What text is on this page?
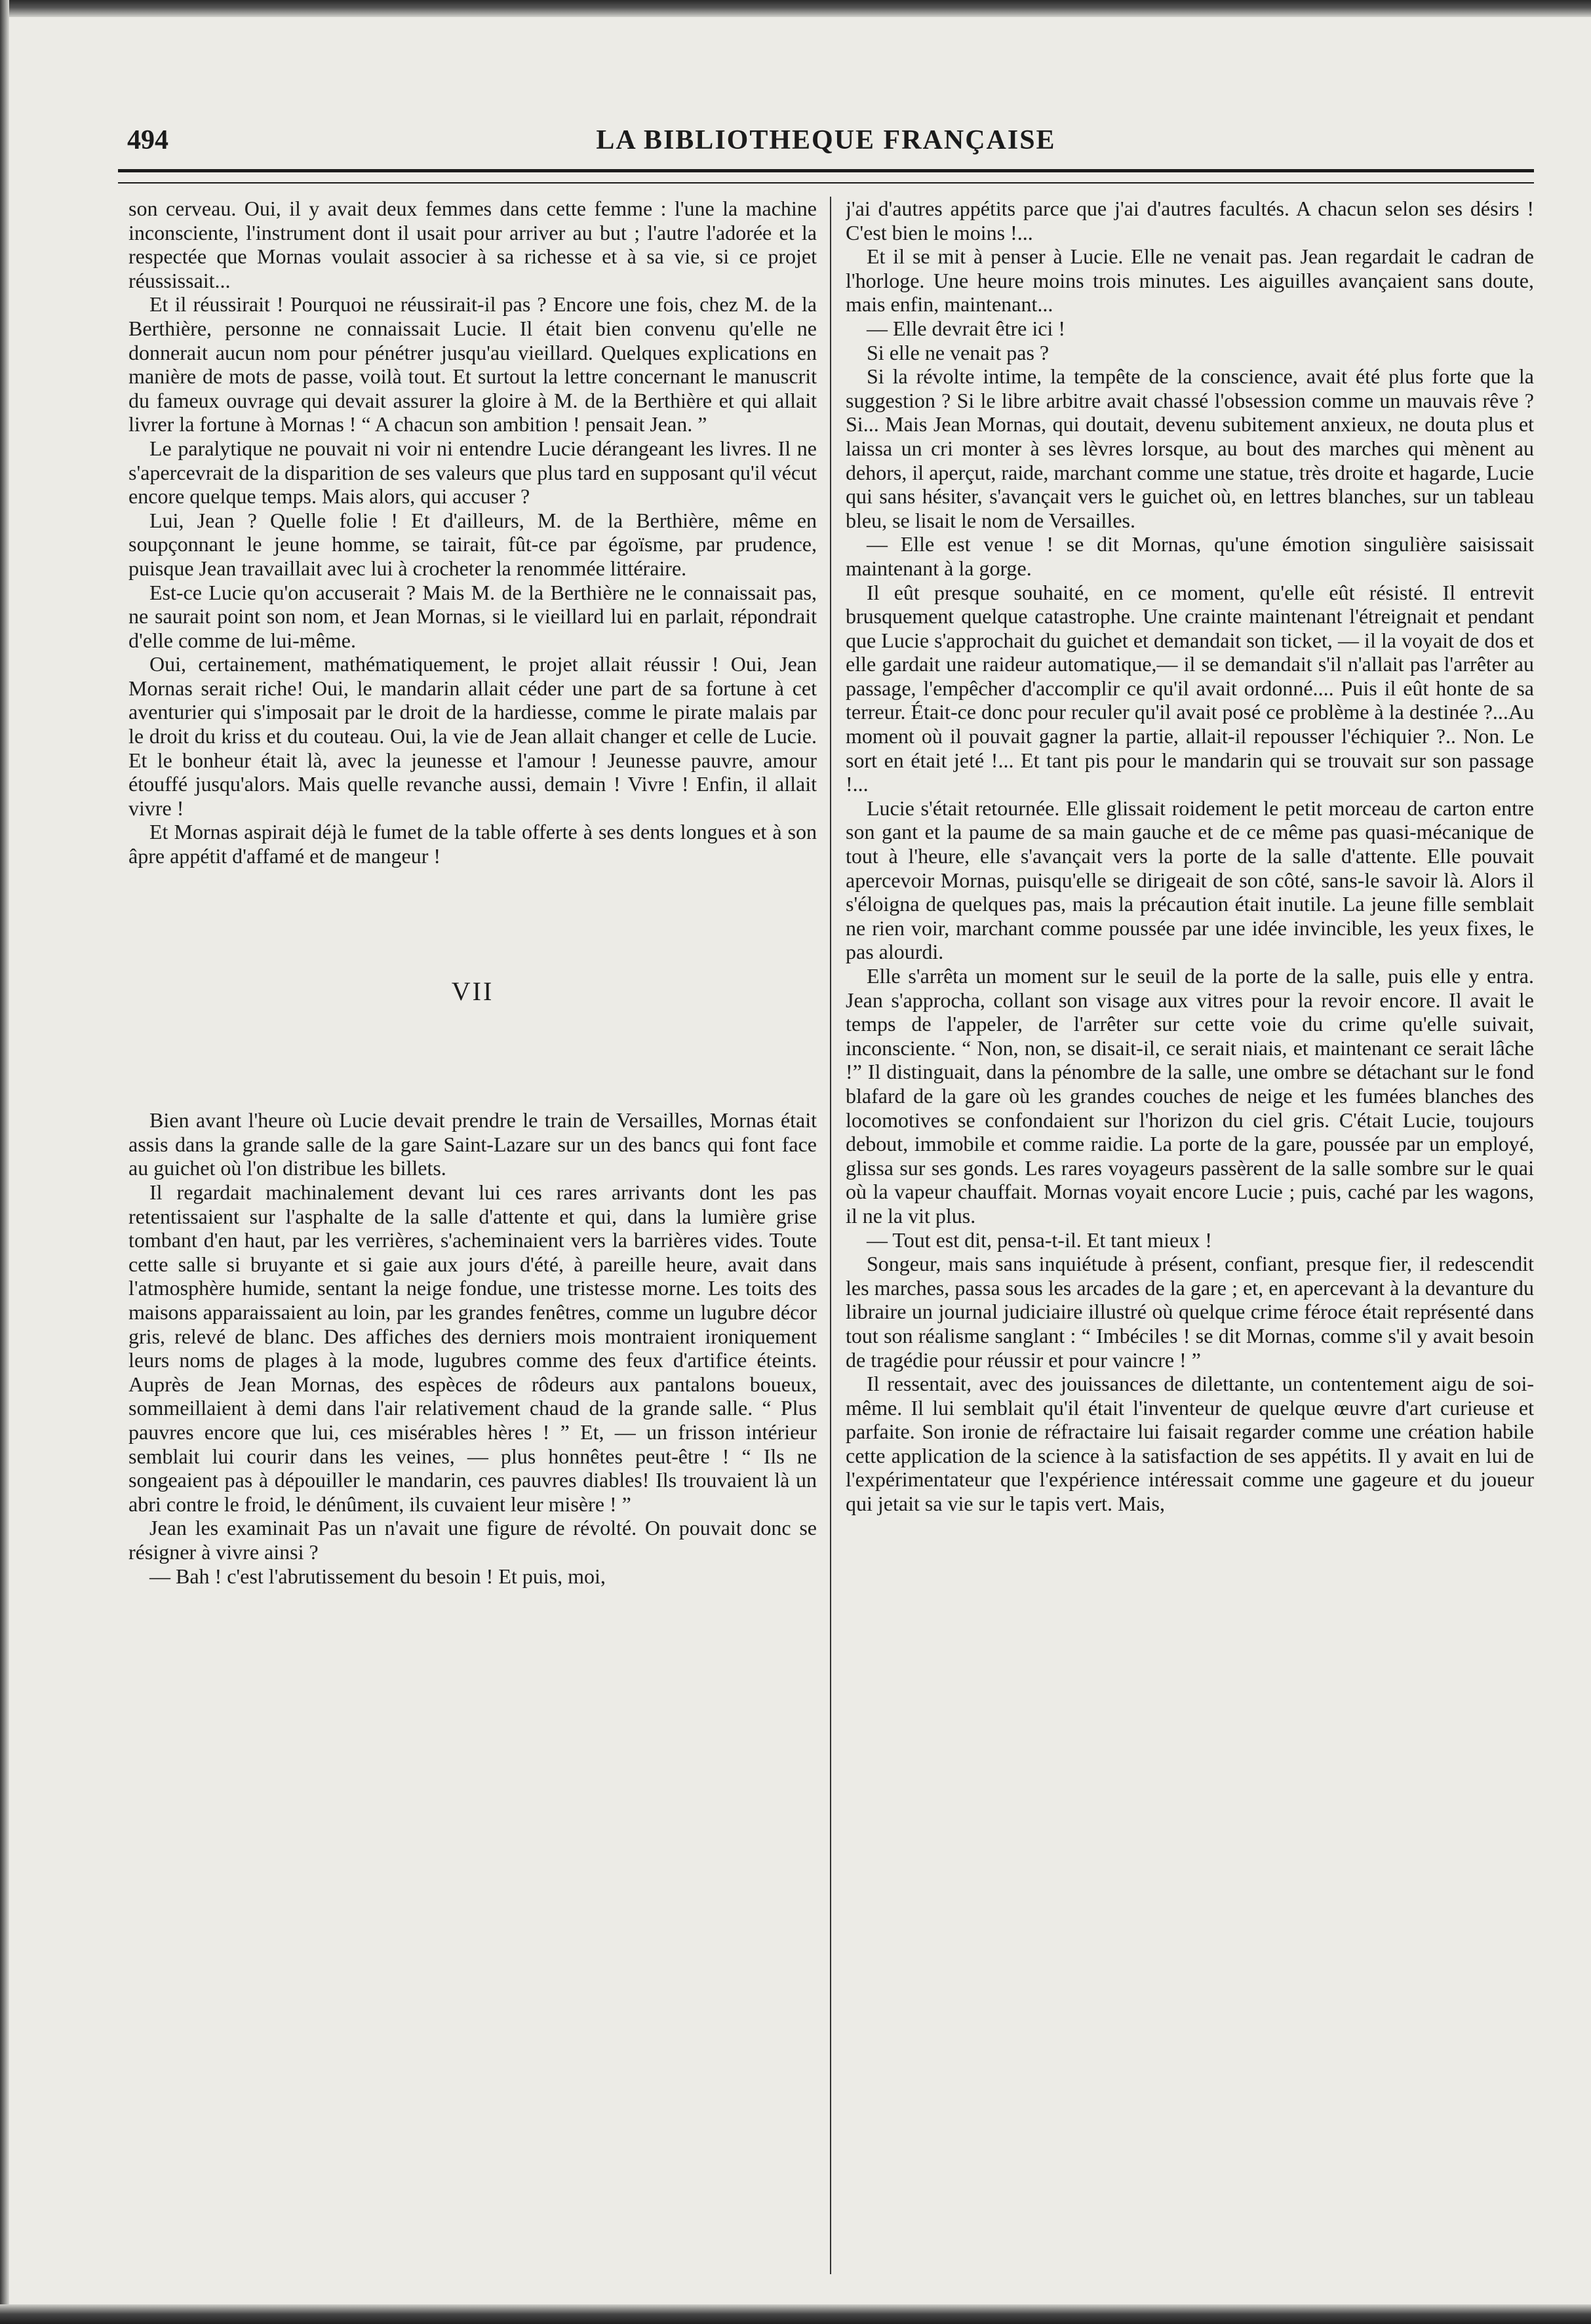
494	LA BIBLIOTHEQUE FRANÇAISE

son cerveau. Oui, il y avait deux femmes dans cette femme : l'une la machine inconsciente, l'instrument dont il usait pour arriver au but ; l'autre l'adorée et la respectée que Mornas voulait associer à sa richesse et à sa vie, si ce projet réussissait...

Et il réussirait ! Pourquoi ne réussirait-il pas ? Encore une fois, chez M. de la Berthière, personne ne connaissait Lucie. Il était bien convenu qu'elle ne donnerait aucun nom pour pénétrer jusqu'au vieillard. Quelques explications en manière de mots de passe, voilà tout. Et surtout la lettre concernant le manuscrit du fameux ouvrage qui devait assurer la gloire à M. de la Berthière et qui allait livrer la fortune à Mornas ! “ A chacun son ambition ! pensait Jean. ”

Le paralytique ne pouvait ni voir ni entendre Lucie dérangeant les livres. Il ne s'apercevrait de la disparition de ses valeurs que plus tard en supposant qu'il vécut encore quelque temps. Mais alors, qui accuser ?

Lui, Jean ? Quelle folie ! Et d'ailleurs, M. de la Berthière, même en soupçonnant le jeune homme, se tairait, fût-ce par égoïsme, par prudence, puisque Jean travaillait avec lui à crocheter la renommée littéraire.

Est-ce Lucie qu'on accuserait ? Mais M. de la Berthière ne le connaissait pas, ne saurait point son nom, et Jean Mornas, si le vieillard lui en parlait, répondrait d'elle comme de lui-même.

Oui, certainement, mathématiquement, le projet allait réussir ! Oui, Jean Mornas serait riche! Oui, le mandarin allait céder une part de sa fortune à cet aventurier qui s'imposait par le droit de la hardiesse, comme le pirate malais par le droit du kriss et du couteau. Oui, la vie de Jean allait changer et celle de Lucie. Et le bonheur était là, avec la jeunesse et l'amour ! Jeunesse pauvre, amour étouffé jusqu'alors. Mais quelle revanche aussi, demain ! Vivre ! Enfin, il allait vivre !

Et Mornas aspirait déjà le fumet de la table offerte à ses dents longues et à son âpre appétit d'affamé et de mangeur !

VII

Bien avant l'heure où Lucie devait prendre le train de Versailles, Mornas était assis dans la grande salle de la gare Saint-Lazare sur un des bancs qui font face au guichet où l'on distribue les billets.

Il regardait machinalement devant lui ces rares arrivants dont les pas retentissaient sur l'asphalte de la salle d'attente et qui, dans la lumière grise tombant d'en haut, par les verrières, s'acheminaient vers la barrières vides. Toute cette salle si bruyante et si gaie aux jours d'été, à pareille heure, avait dans l'atmosphère humide, sentant la neige fondue, une tristesse morne. Les toits des maisons apparaissaient au loin, par les grandes fenêtres, comme un lugubre décor gris, relevé de blanc. Des affiches des derniers mois montraient ironiquement leurs noms de plages à la mode, lugubres comme des feux d'artifice éteints. Auprès de Jean Mornas, des espèces de rôdeurs aux pantalons boueux, sommeillaient à demi dans l'air relativement chaud de la grande salle. “ Plus pauvres encore que lui, ces misérables hères ! ” Et, — un frisson intérieur semblait lui courir dans les veines, — plus honnêtes peut-être ! “ Ils ne songeaient pas à dépouiller le mandarin, ces pauvres diables! Ils trouvaient là un abri contre le froid, le dénûment, ils cuvaient leur misère ! ”

Jean les examinait Pas un n'avait une figure de révolté. On pouvait donc se résigner à vivre ainsi ?

— Bah ! c'est l'abrutissement du besoin ! Et puis, moi,

j'ai d'autres appétits parce que j'ai d'autres facultés. A chacun selon ses désirs ! C'est bien le moins !...

Et il se mit à penser à Lucie. Elle ne venait pas. Jean regardait le cadran de l'horloge. Une heure moins trois minutes. Les aiguilles avançaient sans doute, mais enfin, maintenant...

— Elle devrait être ici !

Si elle ne venait pas ?

Si la révolte intime, la tempête de la conscience, avait été plus forte que la suggestion ? Si le libre arbitre avait chassé l'obsession comme un mauvais rêve ? Si... Mais Jean Mornas, qui doutait, devenu subitement anxieux, ne douta plus et laissa un cri monter à ses lèvres lorsque, au bout des marches qui mènent au dehors, il aperçut, raide, marchant comme une statue, très droite et hagarde, Lucie qui sans hésiter, s'avançait vers le guichet où, en lettres blanches, sur un tableau bleu, se lisait le nom de Versailles.

— Elle est venue ! se dit Mornas, qu'une émotion singulière saisissait maintenant à la gorge.

Il eût presque souhaité, en ce moment, qu'elle eût résisté. Il entrevit brusquement quelque catastrophe. Une crainte maintenant l'étreignait et pendant que Lucie s'approchait du guichet et demandait son ticket, — il la voyait de dos et elle gardait une raideur automatique,— il se demandait s'il n'allait pas l'arrêter au passage, l'empêcher d'accomplir ce qu'il avait ordonné.... Puis il eût honte de sa terreur. Était-ce donc pour reculer qu'il avait posé ce problème à la destinée ?...Au moment où il pouvait gagner la partie, allait-il repousser l'échiquier ?.. Non. Le sort en était jeté !... Et tant pis pour le mandarin qui se trouvait sur son passage !...

Lucie s'était retournée. Elle glissait roidement le petit morceau de carton entre son gant et la paume de sa main gauche et de ce même pas quasi-mécanique de tout à l'heure, elle s'avançait vers la porte de la salle d'attente. Elle pouvait apercevoir Mornas, puisqu'elle se dirigeait de son côté, sans-le savoir là. Alors il s'éloigna de quelques pas, mais la précaution était inutile. La jeune fille semblait ne rien voir, marchant comme poussée par une idée invincible, les yeux fixes, le pas alourdi.

Elle s'arrêta un moment sur le seuil de la porte de la salle, puis elle y entra. Jean s'approcha, collant son visage aux vitres pour la revoir encore. Il avait le temps de l'appeler, de l'arrêter sur cette voie du crime qu'elle suivait, inconsciente. “ Non, non, se disait-il, ce serait niais, et maintenant ce serait lâche !” Il distinguait, dans la pénombre de la salle, une ombre se détachant sur le fond blafard de la gare où les grandes couches de neige et les fumées blanches des locomotives se confondaient sur l'horizon du ciel gris. C'était Lucie, toujours debout, immobile et comme raidie. La porte de la gare, poussée par un employé, glissa sur ses gonds. Les rares voyageurs passèrent de la salle sombre sur le quai où la vapeur chauffait. Mornas voyait encore Lucie ; puis, caché par les wagons, il ne la vit plus.

— Tout est dit, pensa-t-il. Et tant mieux !

Songeur, mais sans inquiétude à présent, confiant, presque fier, il redescendit les marches, passa sous les arcades de la gare ; et, en apercevant à la devanture du libraire un journal judiciaire illustré où quelque crime féroce était représenté dans tout son réalisme sanglant : “ Imbéciles ! se dit Mornas, comme s'il y avait besoin de tragédie pour réussir et pour vaincre ! ”

Il ressentait, avec des jouissances de dilettante, un contentement aigu de soi-même. Il lui semblait qu'il était l'inventeur de quelque œuvre d'art curieuse et parfaite. Son ironie de réfractaire lui faisait regarder comme une création habile cette application de la science à la satisfaction de ses appétits. Il y avait en lui de l'expérimentateur que l'expérience intéressait comme une gageure et du joueur qui jetait sa vie sur le tapis vert. Mais,
